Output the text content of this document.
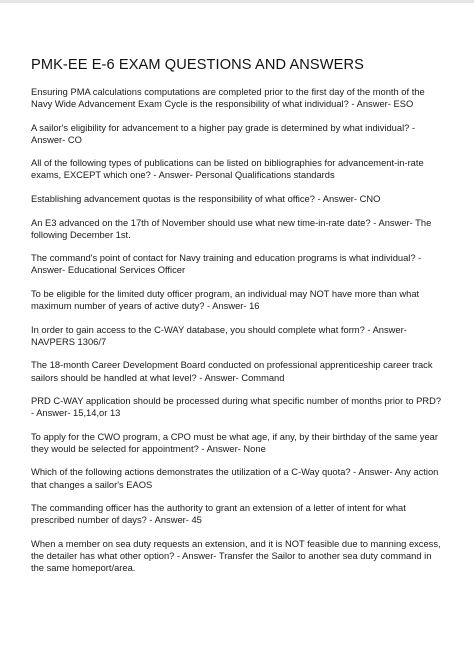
PMK-EE E-6 EXAM QUESTIONS AND ANSWERS
Ensuring PMA calculations computations are completed prior to the first day of the month of the Navy Wide Advancement Exam Cycle is the responsibility of what individual? - Answer- ESO
A sailor's eligibility for advancement to a higher pay grade is determined by what individual? - Answer- CO
All of the following types of publications can be listed on bibliographies for advancement-in-rate exams, EXCEPT which one? - Answer- Personal Qualifications standards
Establishing advancement quotas is the responsibility of what office? - Answer- CNO
An E3 advanced on the 17th of November should use what new time-in-rate date? - Answer- The following December 1st.
The command's point of contact for Navy training and education programs is what individual? - Answer- Educational Services Officer
To be eligible for the limited duty officer program, an individual may NOT have more than what maximum number of years of active duty? - Answer- 16
In order to gain access to the C-WAY database, you should complete what form? - Answer- NAVPERS 1306/7
The 18-month Career Development Board conducted on professional apprenticeship career track sailors should be handled at what level? - Answer- Command
PRD C-WAY application should be processed during what specific number of months prior to PRD? - Answer- 15,14,or 13
To apply for the CWO program, a CPO must be what age, if any, by their birthday of the same year they would be selected for appointment? - Answer- None
Which of the following actions demonstrates the utilization of a C-Way quota? - Answer- Any action that changes a sailor's EAOS
The commanding officer has the authority to grant an extension of a letter of intent for what prescribed number of days? - Answer- 45
When a member on sea duty requests an extension, and it is NOT feasible due to manning excess, the detailer has what other option? - Answer- Transfer the Sailor to another sea duty command in the same homeport/area.
